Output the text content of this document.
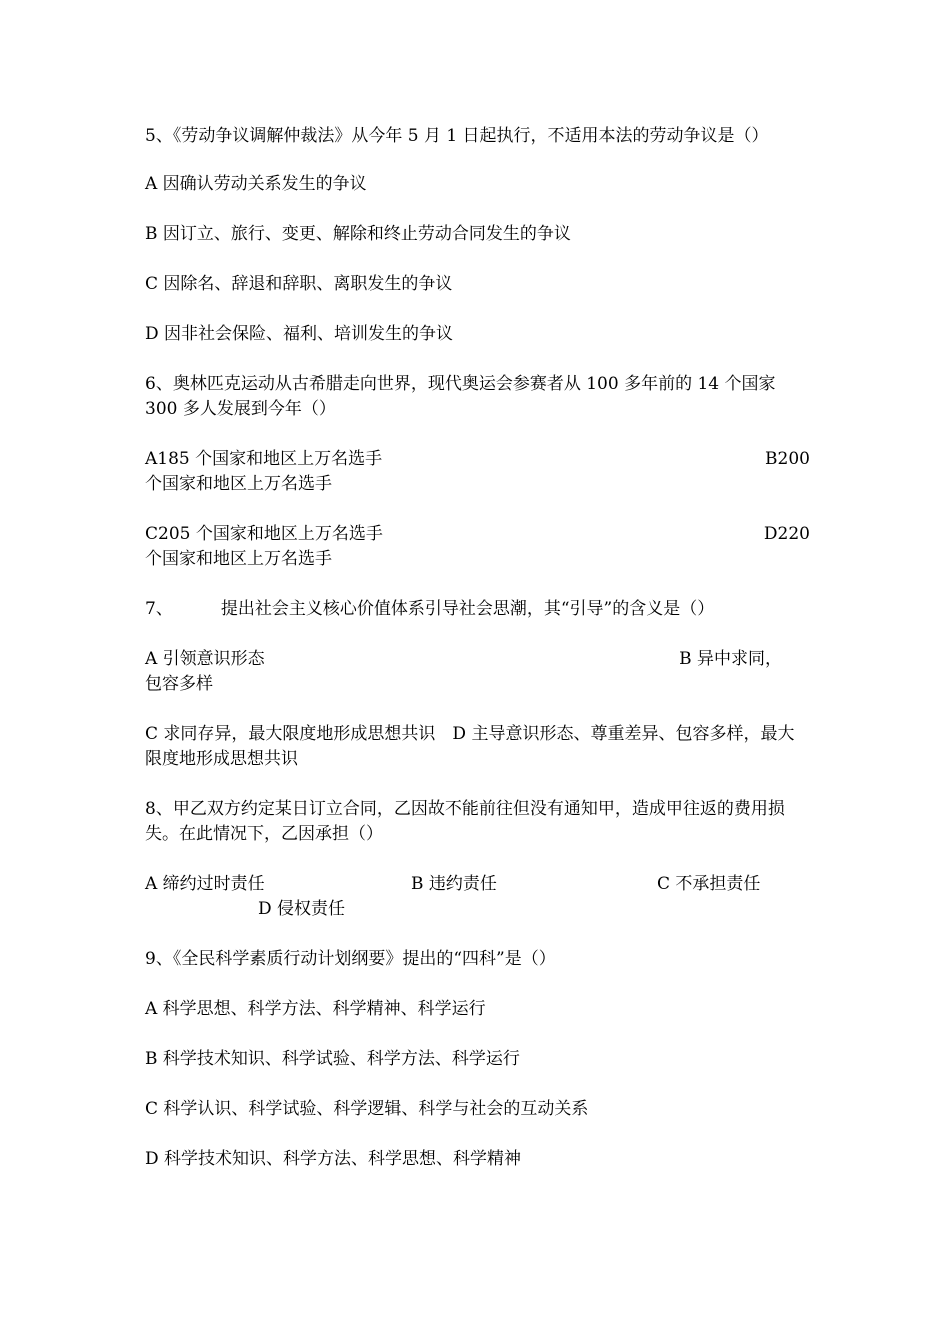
5、《劳动争议调解仲裁法》从今年 5 月 1 日起执行，不适用本法的劳动争议是（）

A 因确认劳动关系发生的争议

B 因订立、旅行、变更、解除和终止劳动合同发生的争议

C 因除名、辞退和辞职、离职发生的争议

D 因非社会保险、福利、培训发生的争议

6、奥林匹克运动从古希腊走向世界，现代奥运会参赛者从 100 多年前的 14 个国家 300 多人发展到今年（）

A185 个国家和地区上万名选手	B200
个国家和地区上万名选手
C205 个国家和地区上万名选手	D220
个国家和地区上万名选手

7、	提出社会主义核心价值体系引导社会思潮，其“引导”的含义是（）

A 引领意识形态	B 异中求同，
包容多样

C 求同存异，最大限度地形成思想共识　D 主导意识形态、尊重差异、包容多样，最大限度地形成思想共识

8、甲乙双方约定某日订立合同，乙因故不能前往但没有通知甲，造成甲往返的费用损失。在此情况下，乙因承担（）

A 缔约过时责任	B 违约责任	C 不承担责任
D 侵权责任

9、《全民科学素质行动计划纲要》提出的“四科”是（）

A 科学思想、科学方法、科学精神、科学运行

B 科学技术知识、科学试验、科学方法、科学运行

C 科学认识、科学试验、科学逻辑、科学与社会的互动关系

D 科学技术知识、科学方法、科学思想、科学精神
